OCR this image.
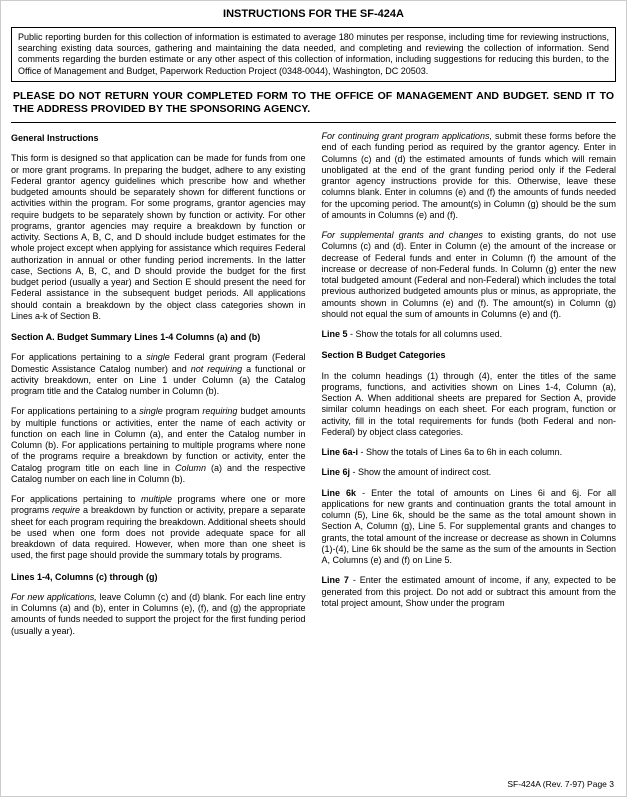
INSTRUCTIONS FOR THE SF-424A
Public reporting burden for this collection of information is estimated to average 180 minutes per response, including time for reviewing instructions, searching existing data sources, gathering and maintaining the data needed, and completing and reviewing the collection of information. Send comments regarding the burden estimate or any other aspect of this collection of information, including suggestions for reducing this burden, to the Office of Management and Budget, Paperwork Reduction Project (0348-0044), Washington, DC 20503.
PLEASE DO NOT RETURN YOUR COMPLETED FORM TO THE OFFICE OF MANAGEMENT AND BUDGET. SEND IT TO THE ADDRESS PROVIDED BY THE SPONSORING AGENCY.
General Instructions

This form is designed so that application can be made for funds from one or more grant programs. In preparing the budget, adhere to any existing Federal grantor agency guidelines which prescribe how and whether budgeted amounts should be separately shown for different functions or activities within the program. For some programs, grantor agencies may require budgets to be separately shown by function or activity. For other programs, grantor agencies may require a breakdown by function or activity. Sections A, B, C, and D should include budget estimates for the whole project except when applying for assistance which requires Federal authorization in annual or other funding period increments. In the latter case, Sections A, B, C, and D should provide the budget for the first budget period (usually a year) and Section E should present the need for Federal assistance in the subsequent budget periods. All applications should contain a breakdown by the object class categories shown in Lines a-k of Section B.

Section A. Budget Summary Lines 1-4 Columns (a) and (b)

For applications pertaining to a single Federal grant program (Federal Domestic Assistance Catalog number) and not requiring a functional or activity breakdown, enter on Line 1 under Column (a) the Catalog program title and the Catalog number in Column (b).

For applications pertaining to a single program requiring budget amounts by multiple functions or activities, enter the name of each activity or function on each line in Column (a), and enter the Catalog number in Column (b). For applications pertaining to multiple programs where none of the programs require a breakdown by function or activity, enter the Catalog program title on each line in Column (a) and the respective Catalog number on each line in Column (b).

For applications pertaining to multiple programs where one or more programs require a breakdown by function or activity, prepare a separate sheet for each program requiring the breakdown. Additional sheets should be used when one form does not provide adequate space for all breakdown of data required. However, when more than one sheet is used, the first page should provide the summary totals by programs.

Lines 1-4, Columns (c) through (g)

For new applications, leave Column (c) and (d) blank. For each line entry in Columns (a) and (b), enter in Columns (e), (f), and (g) the appropriate amounts of funds needed to support the project for the first funding period (usually a year).

For continuing grant program applications, submit these forms before the end of each funding period as required by the grantor agency. Enter in Columns (c) and (d) the estimated amounts of funds which will remain unobligated at the end of the grant funding period only if the Federal grantor agency instructions provide for this. Otherwise, leave these columns blank. Enter in columns (e) and (f) the amounts of funds needed for the upcoming period. The amount(s) in Column (g) should be the sum of amounts in Columns (e) and (f).

For supplemental grants and changes to existing grants, do not use Columns (c) and (d). Enter in Column (e) the amount of the increase or decrease of Federal funds and enter in Column (f) the amount of the increase or decrease of non-Federal funds. In Column (g) enter the new total budgeted amount (Federal and non-Federal) which includes the total previous authorized budgeted amounts plus or minus, as appropriate, the amounts shown in Columns (e) and (f). The amount(s) in Column (g) should not equal the sum of amounts in Columns (e) and (f).

Line 5 - Show the totals for all columns used.

Section B Budget Categories

In the column headings (1) through (4), enter the titles of the same programs, functions, and activities shown on Lines 1-4, Column (a), Section A. When additional sheets are prepared for Section A, provide similar column headings on each sheet. For each program, function or activity, fill in the total requirements for funds (both Federal and non-Federal) by object class categories.

Line 6a-i - Show the totals of Lines 6a to 6h in each column.

Line 6j - Show the amount of indirect cost.

Line 6k - Enter the total of amounts on Lines 6i and 6j. For all applications for new grants and continuation grants the total amount in column (5), Line 6k, should be the same as the total amount shown in Section A, Column (g), Line 5. For supplemental grants and changes to grants, the total amount of the increase or decrease as shown in Columns (1)-(4), Line 6k should be the same as the sum of the amounts in Section A, Columns (e) and (f) on Line 5.

Line 7 - Enter the estimated amount of income, if any, expected to be generated from this project. Do not add or subtract this amount from the total project amount, Show under the program

SF-424A (Rev. 7-97) Page 3
